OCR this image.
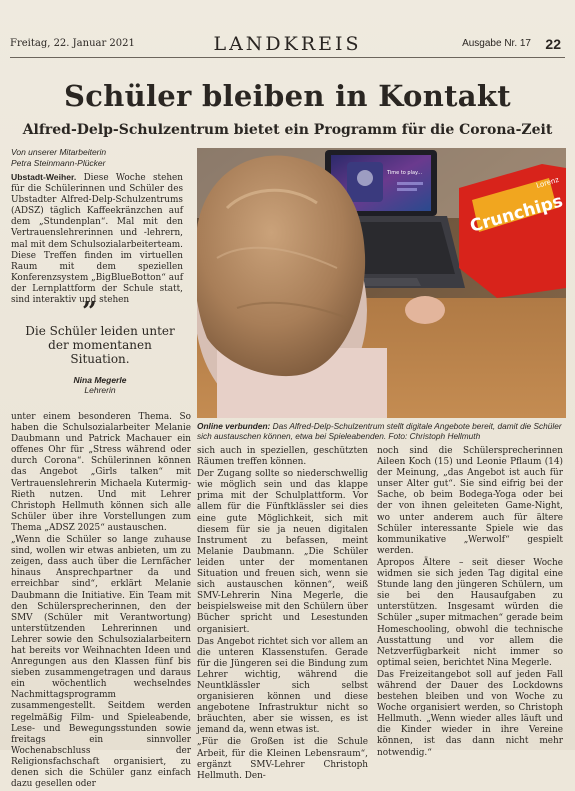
Freitag, 22. Januar 2021	LANDKREIS	Ausgabe Nr. 17 22
Schüler bleiben in Kontakt
Alfred-Delp-Schulzentrum bietet ein Programm für die Corona-Zeit
Von unserer Mitarbeiterin
Petra Steinmann-Plücker

Ubstadt-Weiher. Diese Woche stehen für die Schülerinnen und Schüler des Ubstadter Alfred-Delp-Schulzentrums (ADSZ) täglich Kaffeekränzchen auf dem „Stundenplan“. Mal mit den Vertrauenslehrerinnen und -lehrern, mal mit dem Schulsozialarbeiterteam. Diese Treffen finden im virtuellen Raum mit dem speziellen Konferenzsystem „BigBlueBotton“ auf der Lernplattform der Schule statt, sind interaktiv und stehen

”
Die Schüler leiden unter der momentanen Situation.
Nina Megerle
Lehrerin
Time to play...
Crunchips
Lorenz
Online verbunden: Das Alfred-Delp-Schulzentrum stellt digitale Angebote bereit, damit die Schüler sich austauschen können, etwa bei Spieleabenden. Foto: Christoph Hellmuth

unter einem besonderen Thema. So haben die Schulsozialarbeiter Melanie Daubmann und Patrick Machauer ein offenes Ohr für „Stress während oder durch Corona“. Schülerinnen können das Angebot „Girls talken“ mit Vertrauenslehrerin Michaela Kutermig-Rieth nutzen. Und mit Lehrer Christoph Hellmuth können sich alle Schüler über ihre Vorstellungen zum Thema „ADSZ 2025“ austauschen.

„Wenn die Schüler so lange zuhause sind, wollen wir etwas anbieten, um zu zeigen, dass auch über die Lernfächer hinaus Ansprechpartner da und erreichbar sind“, erklärt Melanie Daubmann die Initiative. Ein Team mit den Schülersprecherinnen, den der SMV (Schüler mit Verantwortung) unterstützenden Lehrerinnen und Lehrer sowie den Schulsozialarbeitern hat bereits vor Weihnachten Ideen und Anregungen aus den Klassen fünf bis sieben zusammengetragen und daraus ein wöchentlich wechselndes Nachmittagsprogramm zusammengestellt. Seitdem werden regelmäßig Film- und Spieleabende, Lese- und Bewegungsstunden sowie freitags ein sinnvoller Wochenabschluss der Religionsfachschaft organisiert, zu denen sich die Schüler ganz einfach dazu gesellen oder

sich auch in speziellen, geschützten Räumen treffen können.

Der Zugang sollte so niederschwellig wie möglich sein und das klappe prima mit der Schulplattform. Vor allem für die Fünftklässler sei dies eine gute Möglichkeit, sich mit diesem für sie ja neuen digitalen Instrument zu befassen, meint Melanie Daubmann. „Die Schüler leiden unter der momentanen Situation und freuen sich, wenn sie sich austauschen können“, weiß SMV-Lehrerin Nina Megerle, die beispielsweise mit den Schülern über Bücher spricht und Lesestunden organisiert.

Das Angebot richtet sich vor allem an die unteren Klassenstufen. Gerade für die Jüngeren sei die Bindung zum Lehrer wichtig, während die Neuntklässler sich selbst organisieren können und diese angebotene Infrastruktur nicht so bräuchten, aber sie wissen, es ist jemand da, wenn etwas ist.

„Für die Großen ist die Schule Arbeit, für die Kleinen Lebensraum“, ergänzt SMV-Lehrer Christoph Hellmuth. Den-

noch sind die Schülersprecherinnen Aileen Koch (15) und Leonie Pflaum (14) der Meinung, „das Angebot ist auch für unser Alter gut“. Sie sind eifrig bei der Sache, ob beim Bodega-Yoga oder bei der von ihnen geleiteten Game-Night, wo unter anderem auch für ältere Schüler interessante Spiele wie das kommunikative „Werwolf“ gespielt werden.

Apropos Ältere – seit dieser Woche widmen sie sich jeden Tag digital eine Stunde lang den jüngeren Schülern, um sie bei den Hausaufgaben zu unterstützen. Insgesamt würden die Schüler „super mitmachen“ gerade beim Homeschooling, obwohl die technische Ausstattung und vor allem die Netzverfügbarkeit nicht immer so optimal seien, berichtet Nina Megerle.

Das Freizeitangebot soll auf jeden Fall während der Dauer des Lockdowns bestehen bleiben und von Woche zu Woche organisiert werden, so Christoph Hellmuth. „Wenn wieder alles läuft und die Kinder wieder in ihre Vereine können, ist das dann nicht mehr notwendig.“
